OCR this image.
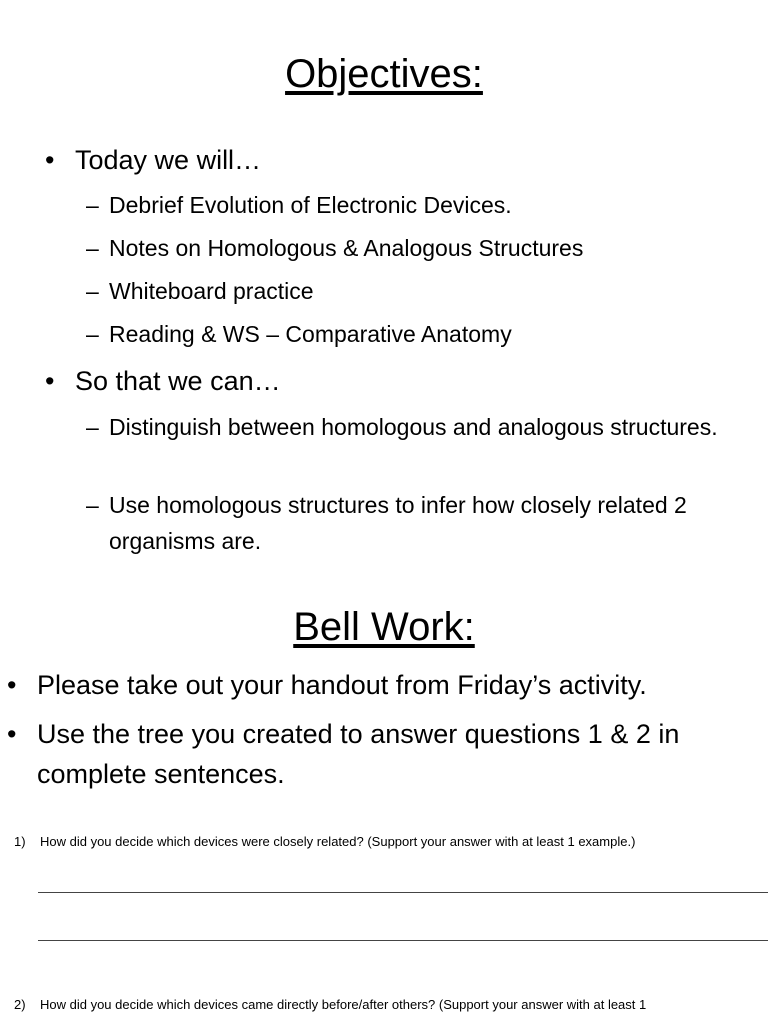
Objectives:
• Today we will…
– Debrief Evolution of Electronic Devices.
– Notes on Homologous & Analogous Structures
– Whiteboard practice
– Reading & WS – Comparative Anatomy
• So that we can…
– Distinguish between homologous and analogous structures.
– Use homologous structures to infer how closely related 2 organisms are.
Bell Work:
• Please take out your handout from Friday’s activity.
• Use the tree you created to answer questions 1 & 2 in complete sentences.
1) How did you decide which devices were closely related? (Support your answer with at least 1 example.)
2) How did you decide which devices came directly before/after others? (Support your answer with at least 1
